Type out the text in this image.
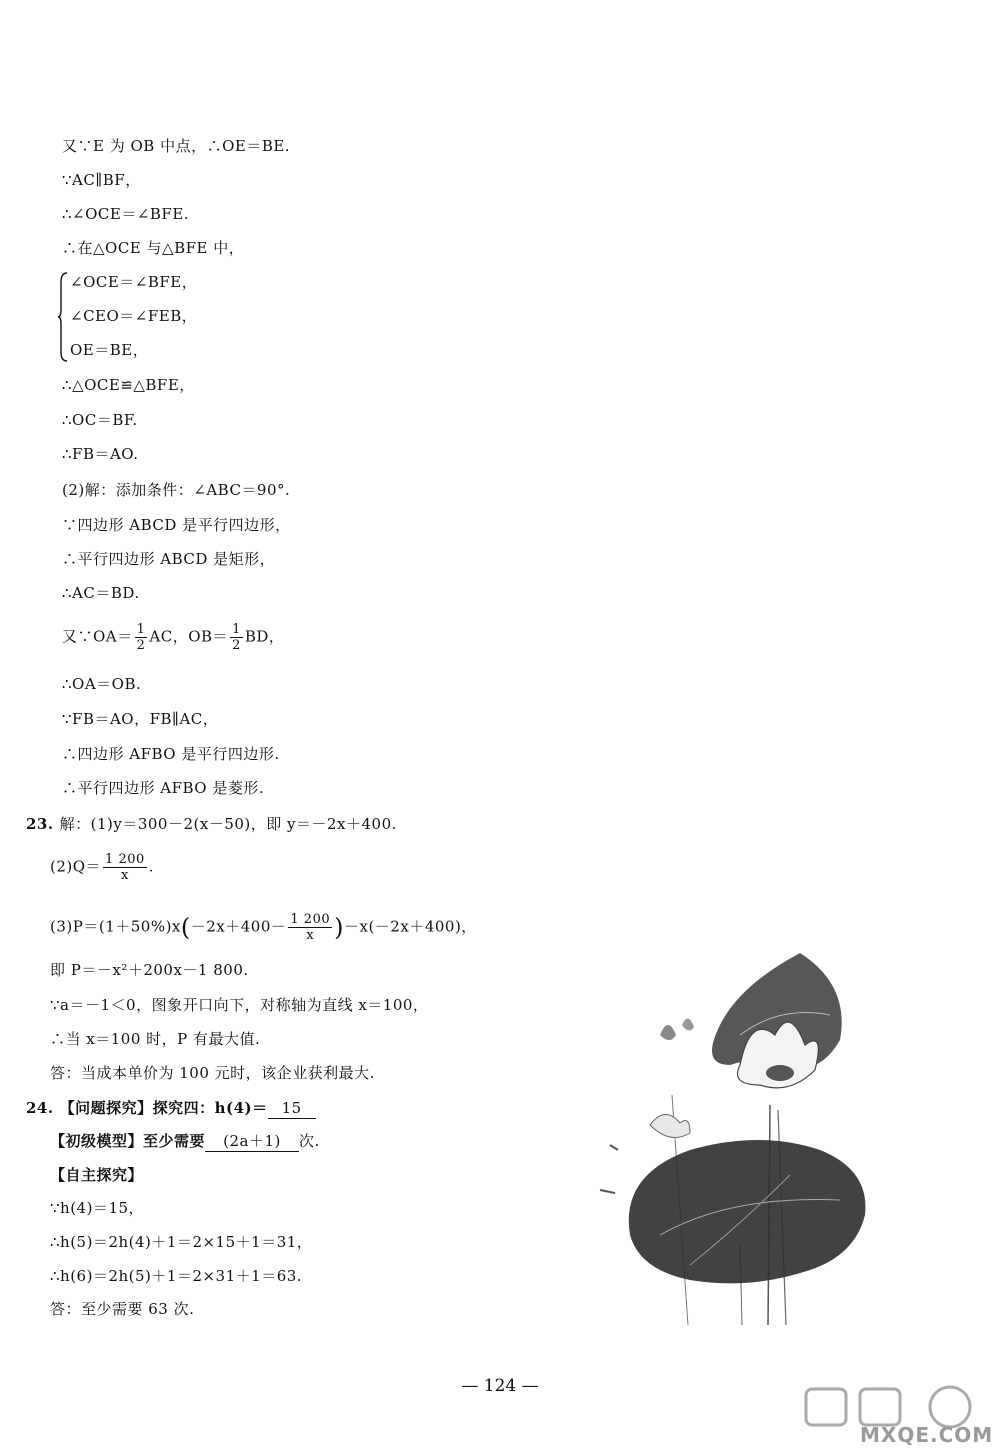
又∵E 为 OB 中点，∴OE＝BE.
∵AC∥BF，
∴∠OCE＝∠BFE.
∴在△OCE 与△BFE 中，
∠OCE＝∠BFE，
∠CEO＝∠FEB，
OE＝BE，
∴△OCE≌△BFE，
∴OC＝BF.
∴FB＝AO.
(2)解：添加条件：∠ABC＝90°.
∵四边形 ABCD 是平行四边形，
∴平行四边形 ABCD 是矩形，
∴AC＝BD.
又∵OA＝ $\frac{1}{2}$ AC，$OB= \frac{1}{2}$ BD，
∴OA＝OB.
∵FB＝AO，FB∥AC，
∴四边形 AFBO 是平行四边形.
∴平行四边形 AFBO 是菱形.
23. 解：(1)y＝300－2(x－50)，即 y＝－2x＋400.
$(2)Q= \frac{1 200}{x}$ .
$(3)P=(1+50\%)x(-2x+400- \frac{1 200}{x} )-x(-2x+400)$，
即 P＝－x²＋200x－1 800.
∵a＝－1＜0，图象开口向下，对称轴为直线 x＝100，
∴当 x＝100 时，P 有最大值.
答：当成本单价为 100 元时，该企业获利最大.
24. 【问题探究】探究四：h(4)＝ 15
【初级模型】至少需要 (2a＋1) 次.
【自主探究】
∵h(4)＝15，
∴h(5)＝2h(4)＋1＝2×15＋1＝31，
∴h(6)＝2h(5)＋1＝2×31＋1＝63.
答：至少需要 63 次.
— 124 —
MXQE.COM
